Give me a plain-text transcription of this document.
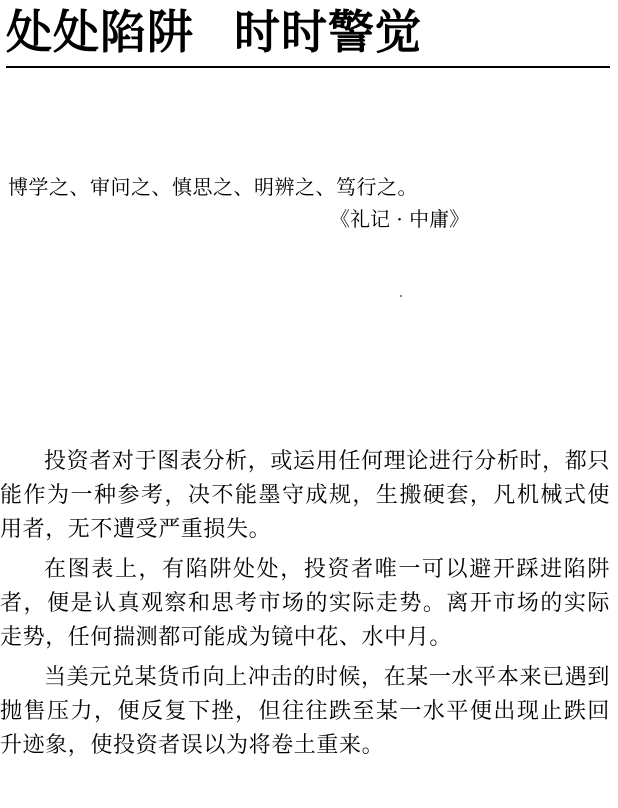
处处陷阱 时时警觉
博学之、审问之、慎思之、明辨之、笃行之。
《礼记 · 中庸》

投资者对于图表分析，或运用任何理论进行分析时，都只能作为一种参考，决不能墨守成规，生搬硬套，凡机械式使用者，无不遭受严重损失。

在图表上，有陷阱处处，投资者唯一可以避开踩进陷阱者，便是认真观察和思考市场的实际走势。离开市场的实际走势，任何揣测都可能成为镜中花、水中月。

当美元兑某货币向上冲击的时候，在某一水平本来已遇到抛售压力，便反复下挫，但往往跌至某一水平便出现止跌回升迹象，使投资者误以为将卷土重来。
